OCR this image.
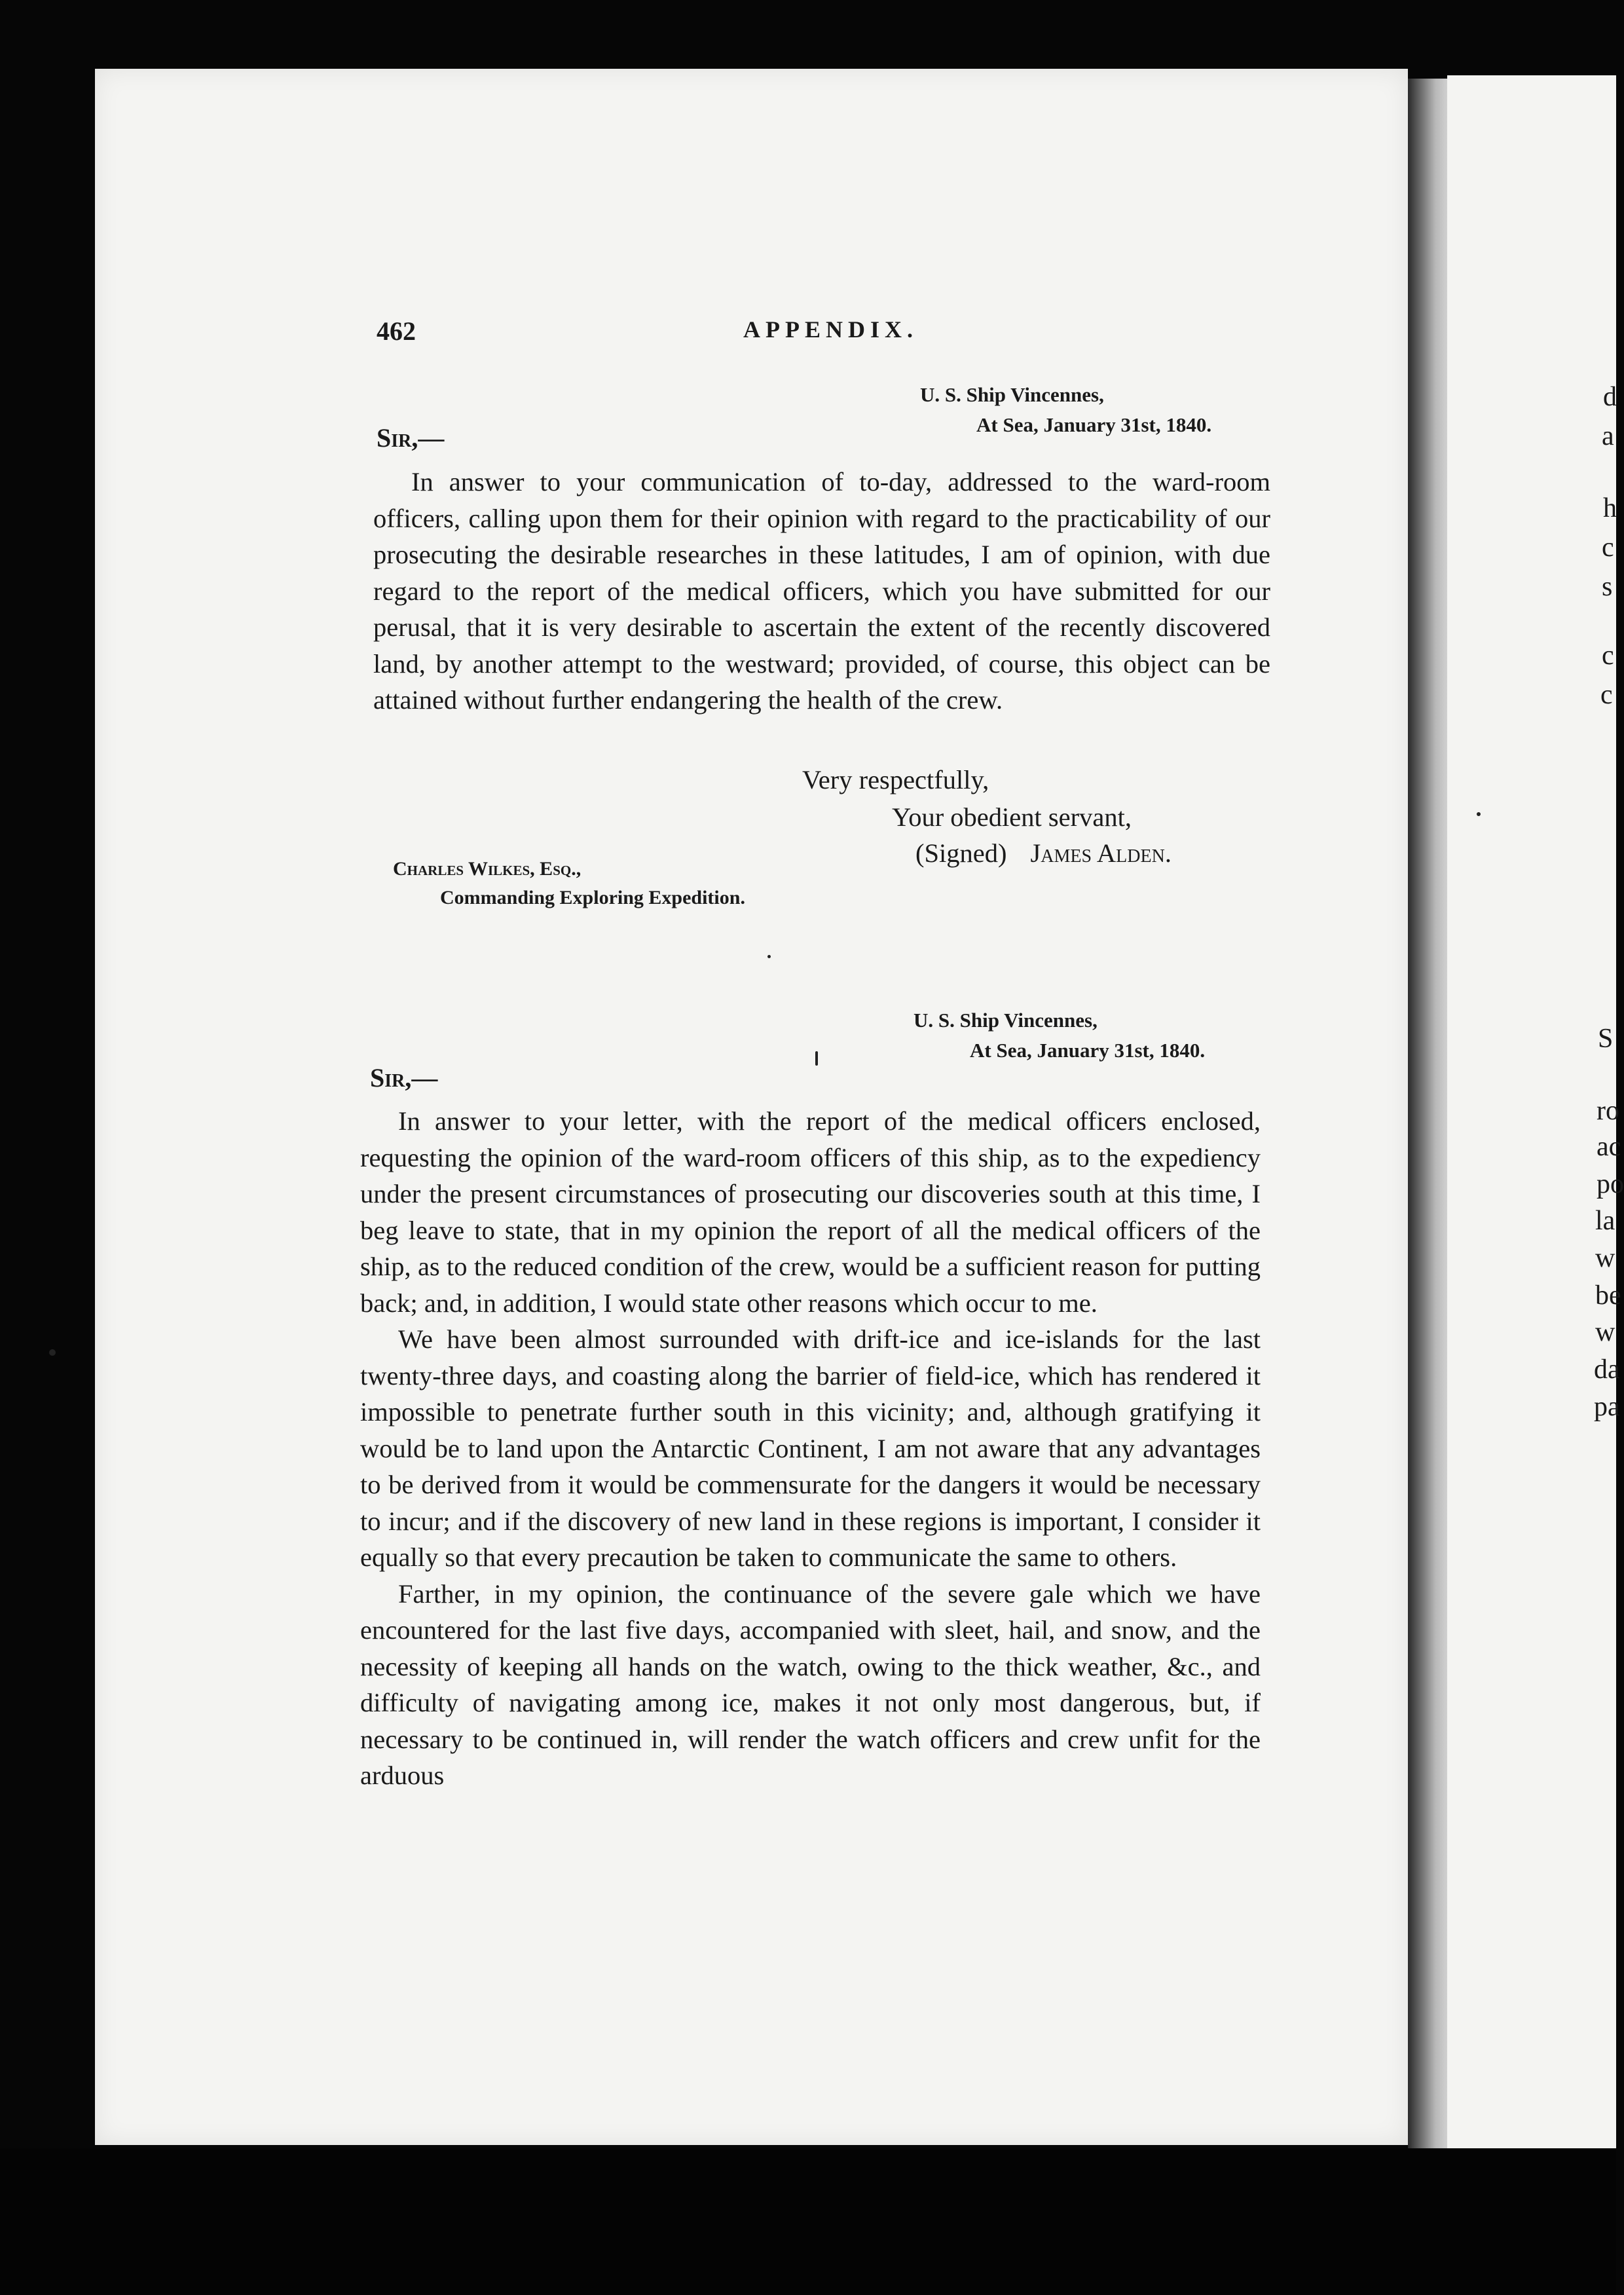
d
a
h
c
s
c
c
S
ro
ac
po
la
w
be
w
da
pa
462	APPENDIX.
U. S. Ship Vincennes,
At Sea, January 31st, 1840.
Sir,—

In answer to your communication of to-day, addressed to the ward-room officers, calling upon them for their opinion with regard to the practicability of our prosecuting the desirable researches in these latitudes, I am of opinion, with due regard to the report of the medical officers, which you have submitted for our perusal, that it is very desirable to ascertain the extent of the recently discovered land, by another attempt to the westward; provided, of course, this object can be attained without further endangering the health of the crew.

Very respectfully,
Your obedient servant,
(Signed) James Alden.
Charles Wilkes, Esq.,
Commanding Exploring Expedition.
U. S. Ship Vincennes,
At Sea, January 31st, 1840.
Sir,—

In answer to your letter, with the report of the medical officers enclosed, requesting the opinion of the ward-room officers of this ship, as to the expediency under the present circumstances of prosecuting our discoveries south at this time, I beg leave to state, that in my opinion the report of all the medical officers of the ship, as to the reduced condition of the crew, would be a sufficient reason for putting back; and, in addition, I would state other reasons which occur to me.

We have been almost surrounded with drift-ice and ice-islands for the last twenty-three days, and coasting along the barrier of field-ice, which has rendered it impossible to penetrate further south in this vicinity; and, although gratifying it would be to land upon the Antarctic Continent, I am not aware that any advantages to be derived from it would be commensurate for the dangers it would be necessary to incur; and if the discovery of new land in these regions is important, I consider it equally so that every precaution be taken to communicate the same to others.

Farther, in my opinion, the continuance of the severe gale which we have encountered for the last five days, accompanied with sleet, hail, and snow, and the necessity of keeping all hands on the watch, owing to the thick weather, &c., and difficulty of navigating among ice, makes it not only most dangerous, but, if necessary to be continued in, will render the watch officers and crew unfit for the arduous
